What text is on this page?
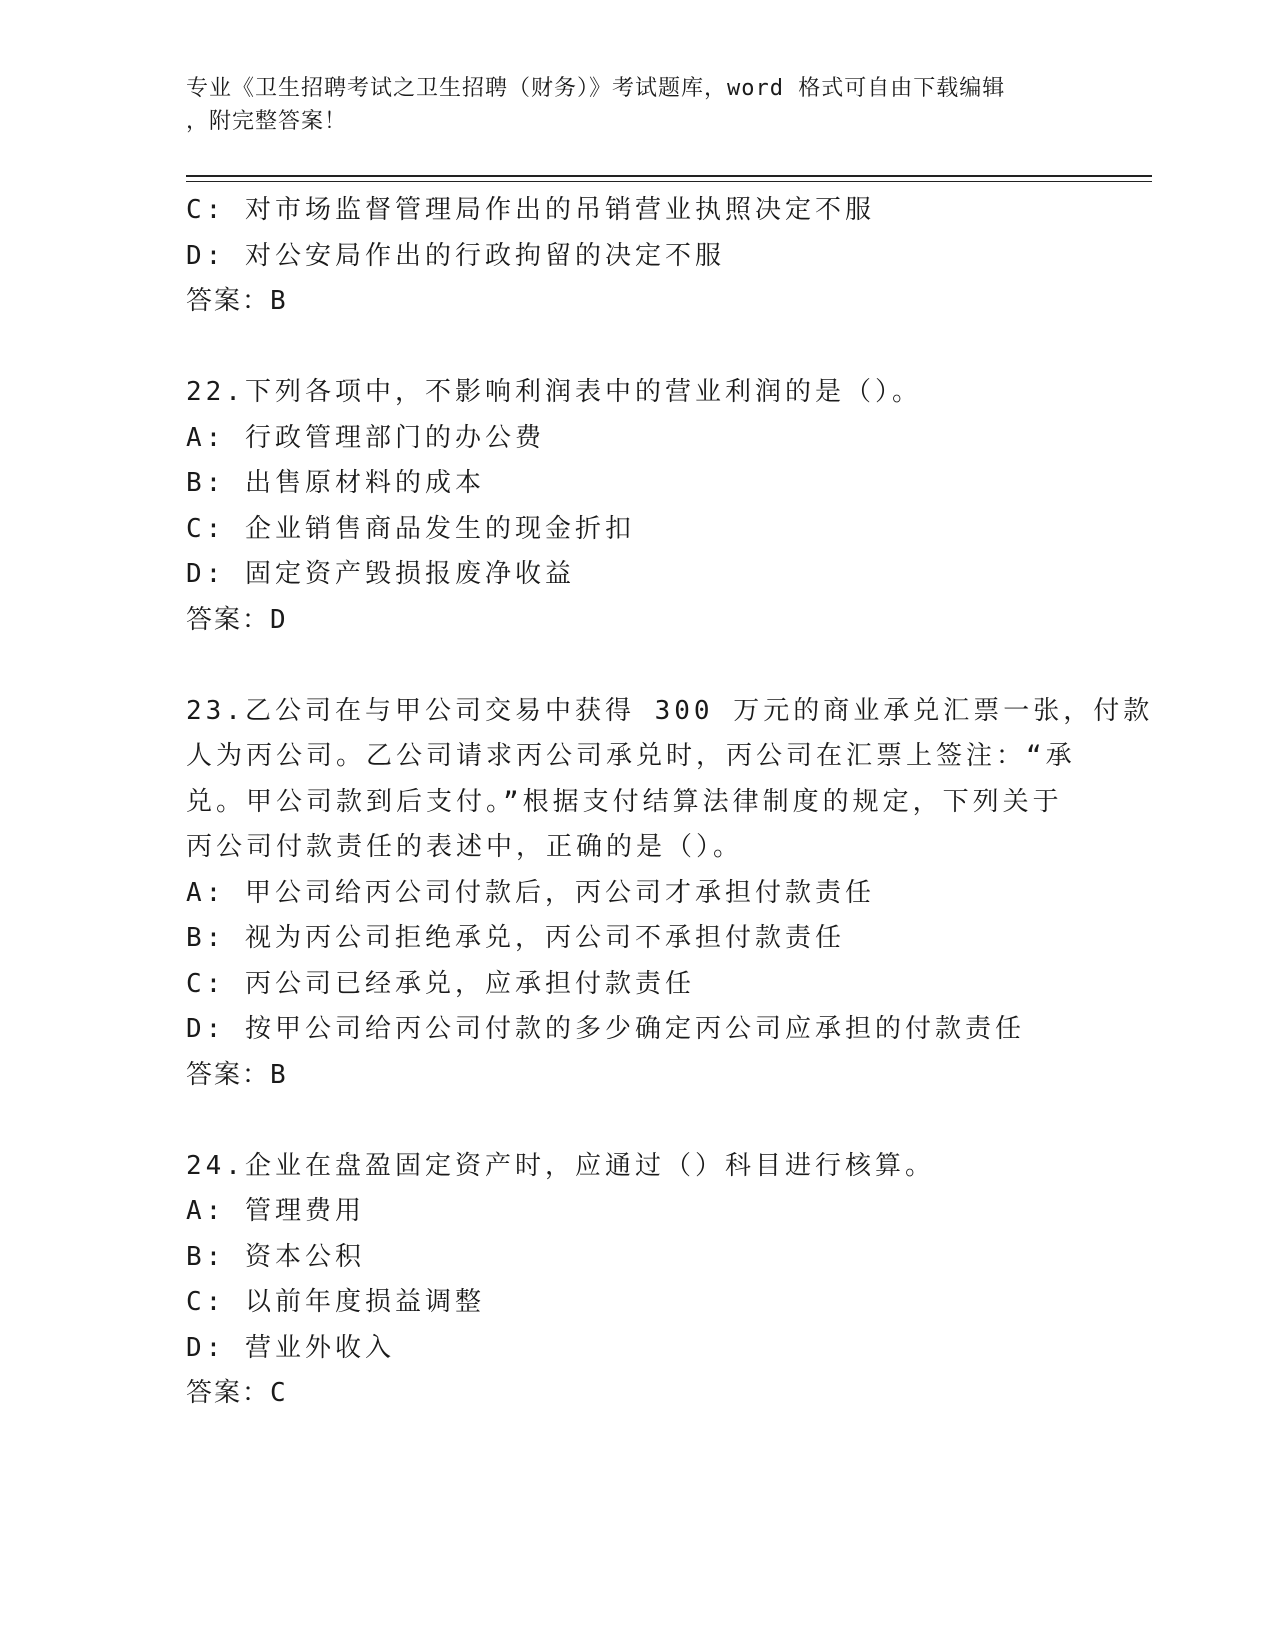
专业《卫生招聘考试之卫生招聘（财务）》考试题库，word 格式可自由下载编辑
，附完整答案！
C: 对市场监督管理局作出的吊销营业执照决定不服
D: 对公安局作出的行政拘留的决定不服
答案：B
22.下列各项中，不影响利润表中的营业利润的是（）。
A: 行政管理部门的办公费
B: 出售原材料的成本
C: 企业销售商品发生的现金折扣
D: 固定资产毁损报废净收益
答案：D
23.乙公司在与甲公司交易中获得 300 万元的商业承兑汇票一张，付款
人为丙公司。乙公司请求丙公司承兑时，丙公司在汇票上签注：“承
兑。甲公司款到后支付。”根据支付结算法律制度的规定，下列关于
丙公司付款责任的表述中，正确的是（）。
A: 甲公司给丙公司付款后，丙公司才承担付款责任
B: 视为丙公司拒绝承兑，丙公司不承担付款责任
C: 丙公司已经承兑，应承担付款责任
D: 按甲公司给丙公司付款的多少确定丙公司应承担的付款责任
答案：B
24.企业在盘盈固定资产时，应通过（）科目进行核算。
A: 管理费用
B: 资本公积
C: 以前年度损益调整
D: 营业外收入
答案：C
